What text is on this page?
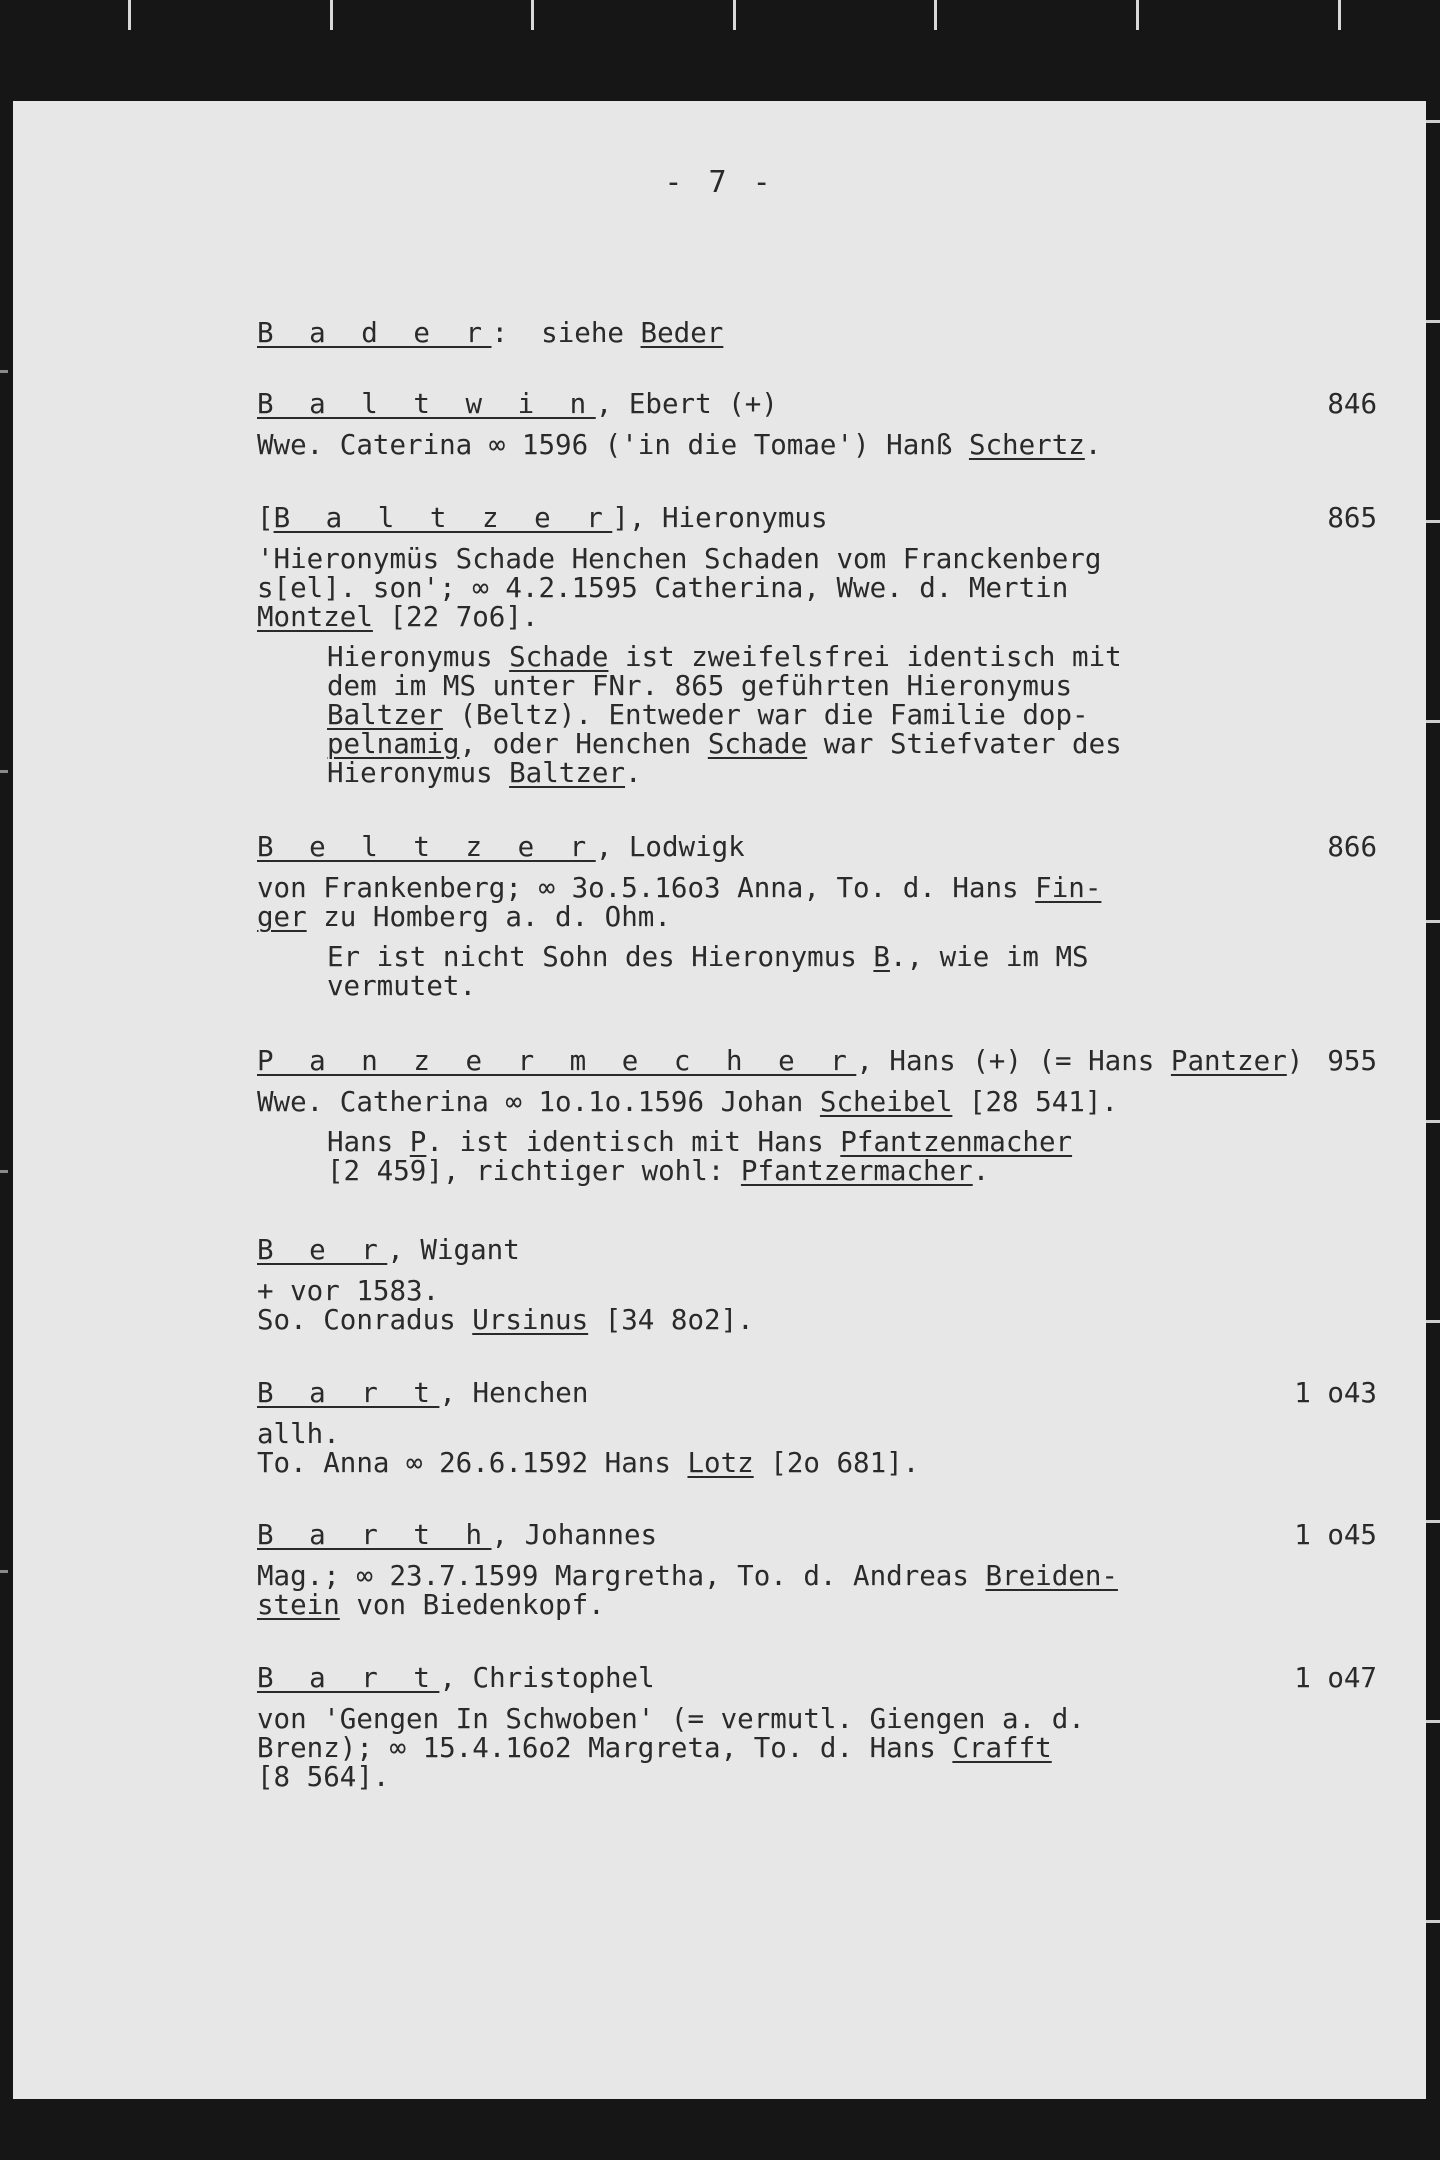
- 7 -
B a d e r:  siehe Beder
B a l t w i n, Ebert (+)	846
Wwe. Caterina ∞ 1596 ('in die Tomae') Hanß Schertz.
[B a l t z e r], Hieronymus	865
'Hieronymüs Schade Henchen Schaden vom Franckenberg
s[el]. son'; ∞ 4.2.1595 Catherina, Wwe. d. Mertin
Montzel [22 7o6].
Hieronymus Schade ist zweifelsfrei identisch mit
dem im MS unter FNr. 865 geführten Hieronymus
Baltzer (Beltz). Entweder war die Familie dop-
pelnamig, oder Henchen Schade war Stiefvater des
Hieronymus Baltzer.
B e l t z e r, Lodwigk	866
von Frankenberg; ∞ 3o.5.16o3 Anna, To. d. Hans Fin-
ger zu Homberg a. d. Ohm.
Er ist nicht Sohn des Hieronymus B., wie im MS
vermutet.
P a n z e r m e c h e r, Hans (+) (= Hans Pantzer) 955
Wwe. Catherina ∞ 1o.1o.1596 Johan Scheibel [28 541].
Hans P. ist identisch mit Hans Pfantzenmacher
[2 459], richtiger wohl: Pfantzermacher.
B e r, Wigant
+ vor 1583.
So. Conradus Ursinus [34 8o2].
B a r t, Henchen	1 o43
allh.
To. Anna ∞ 26.6.1592 Hans Lotz [2o 681].
B a r t h, Johannes	1 o45
Mag.; ∞ 23.7.1599 Margretha, To. d. Andreas Breiden-
stein von Biedenkopf.
B a r t, Christophel	1 o47
von 'Gengen In Schwoben' (= vermutl. Giengen a. d.
Brenz); ∞ 15.4.16o2 Margreta, To. d. Hans Crafft
[8 564].
